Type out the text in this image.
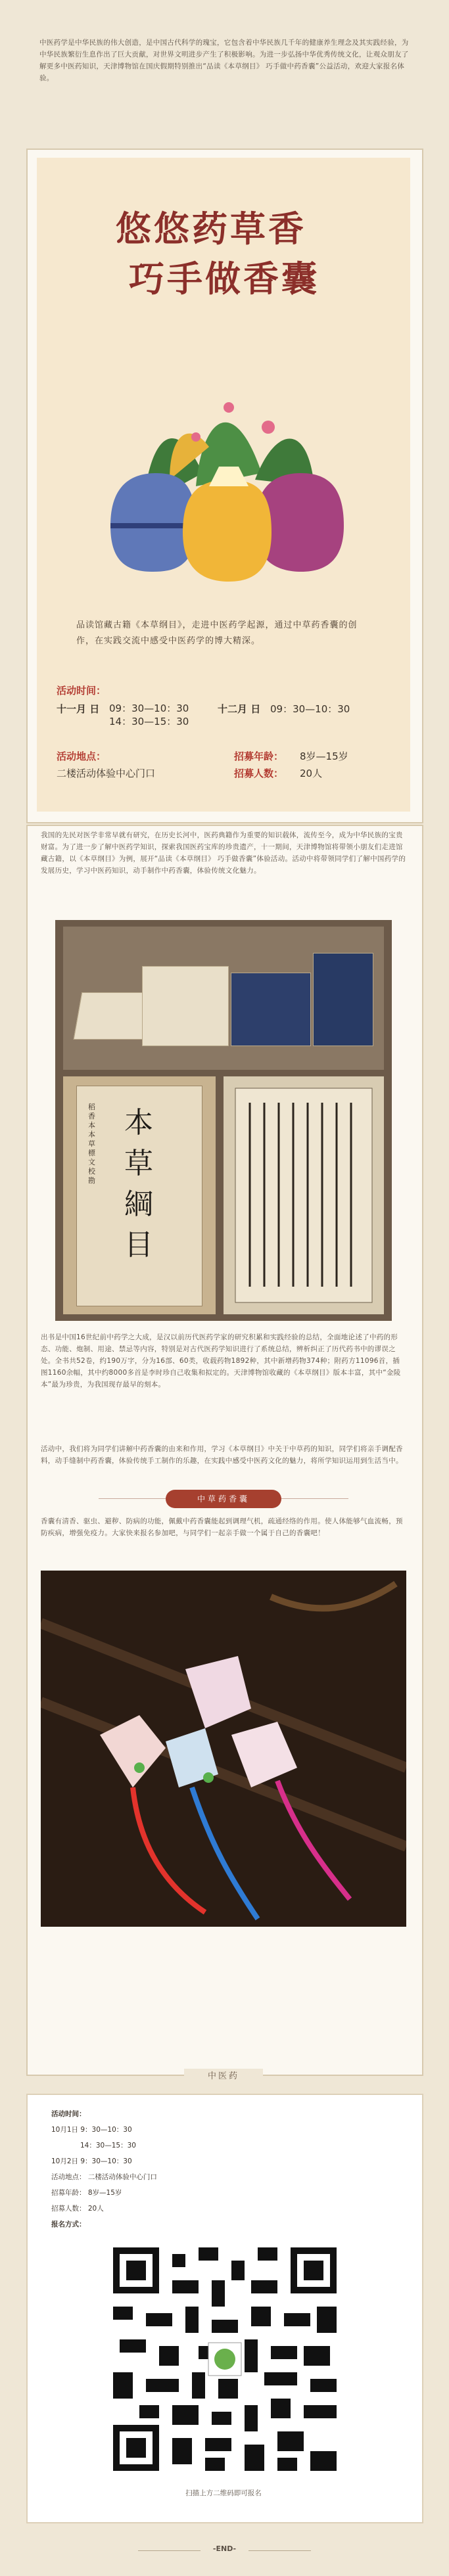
中医药学是中华民族的伟大创造，是中国古代科学的瑰宝，它包含着中华民族几千年的健康养生理念及其实践经验，为中华民族繁衍生息作出了巨大贡献，对世界文明进步产生了积极影响。为进一步弘扬中华优秀传统文化，让观众朋友了解更多中医药知识，天津博物馆在国庆假期特别推出“品读《本草纲目》 巧手做中药香囊”公益活动，欢迎大家报名体验。
悠悠药草香
巧手做香囊
品读馆藏古籍《本草纲目》，走进中医药学起源，通过中草药香囊的创作，在实践交流中感受中医药学的博大精深。
活动时间：
十一月 日 09：30—10：30
14：30—15：30
十二月 日 09：30—10：30
活动地点：
二楼活动体验中心门口
招募年龄： 8岁—15岁
招募人数： 20人
我国的先民对医学非常早就有研究，在历史长河中，医药典籍作为重要的知识载体，流传至今，成为中华民族的宝贵财富。为了进一步了解中医药学知识，探索我国医药宝库的珍贵遗产，十一期间，天津博物馆将带领小朋友们走进馆藏古籍，以《本草纲目》为例，展开“品读《本草纲目》 巧手做香囊”体验活动。活动中将带领同学们了解中国药学的发展历史，学习中医药知识，动手制作中药香囊，体验传统文化魅力。
本草綱目
稻 香 本 本 草 標 文 校 勘
出书是中国16世纪前中药学之大成，是汉以前历代医药学家的研究积累和实践经验的总结，全面地论述了中药的形态、功能、炮制、用途、禁忌等内容，特别是对古代医药学知识进行了系统总结，辨析纠正了历代药书中的谬误之处。全书共52卷，约190万字，分为16部、60类，收载药物1892种，其中新增药物374种；附药方11096首，插图1160余幅，其中约8000多首是李时珍自己收集和拟定的。天津博物馆收藏的《本草纲目》版本丰富，其中“金陵本”最为珍贵，为我国现存最早的刻本。
活动中，我们将为同学们讲解中药香囊的由来和作用，学习《本草纲目》中关于中草药的知识，同学们将亲手调配香料，动手缝制中药香囊，体验传统手工制作的乐趣，在实践中感受中医药文化的魅力，将所学知识运用到生活当中。
中草药香囊
香囊有清香、驱虫、避秽、防病的功能，佩戴中药香囊能起到调理气机，疏通经络的作用。使人体能够气血流畅，预防疾病，增强免疫力。大家快来报名参加吧，与同学们一起亲手做一个属于自己的香囊吧！
中医药
活动时间：
10月1日 9：30—10：30
14：30—15：30
10月2日 9：30—10：30
活动地点： 二楼活动体验中心门口
招募年龄： 8岁—15岁
招募人数： 20人
报名方式：
扫描上方二维码即可报名
-END-
